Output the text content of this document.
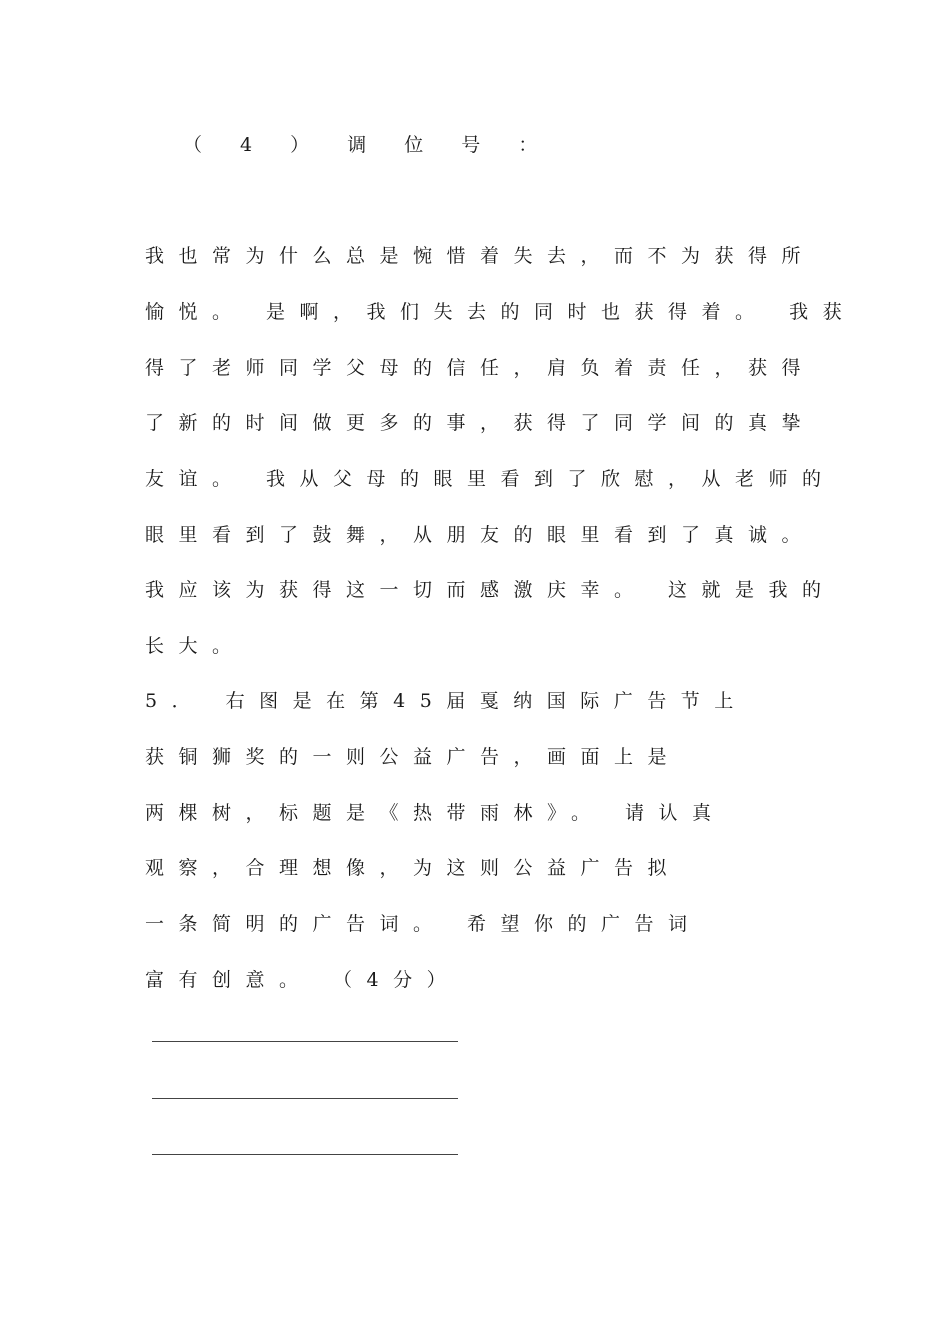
（ 4 ） 调 位 号 ：
我也常为什么总是惋惜着失去，而不为获得所
愉悦。 是啊，我们失去的同时也获得着。 我获
得了老师同学父母的信任，肩负着责任，获得
了新的时间做更多的事，获得了同学间的真挚
友谊。 我从父母的眼里看到了欣慰，从老师的
眼里看到了鼓舞，从朋友的眼里看到了真诚。
我应该为获得这一切而感激庆幸。 这就是我的
长大。
5． 右图是在第45届戛纳国际广告节上
获铜狮奖的一则公益广告，画面上是
两棵树，标题是《热带雨林》。 请认真
观察，合理想像，为这则公益广告拟
一条简明的广告词。 希望你的广告词
富有创意。 （4分）
